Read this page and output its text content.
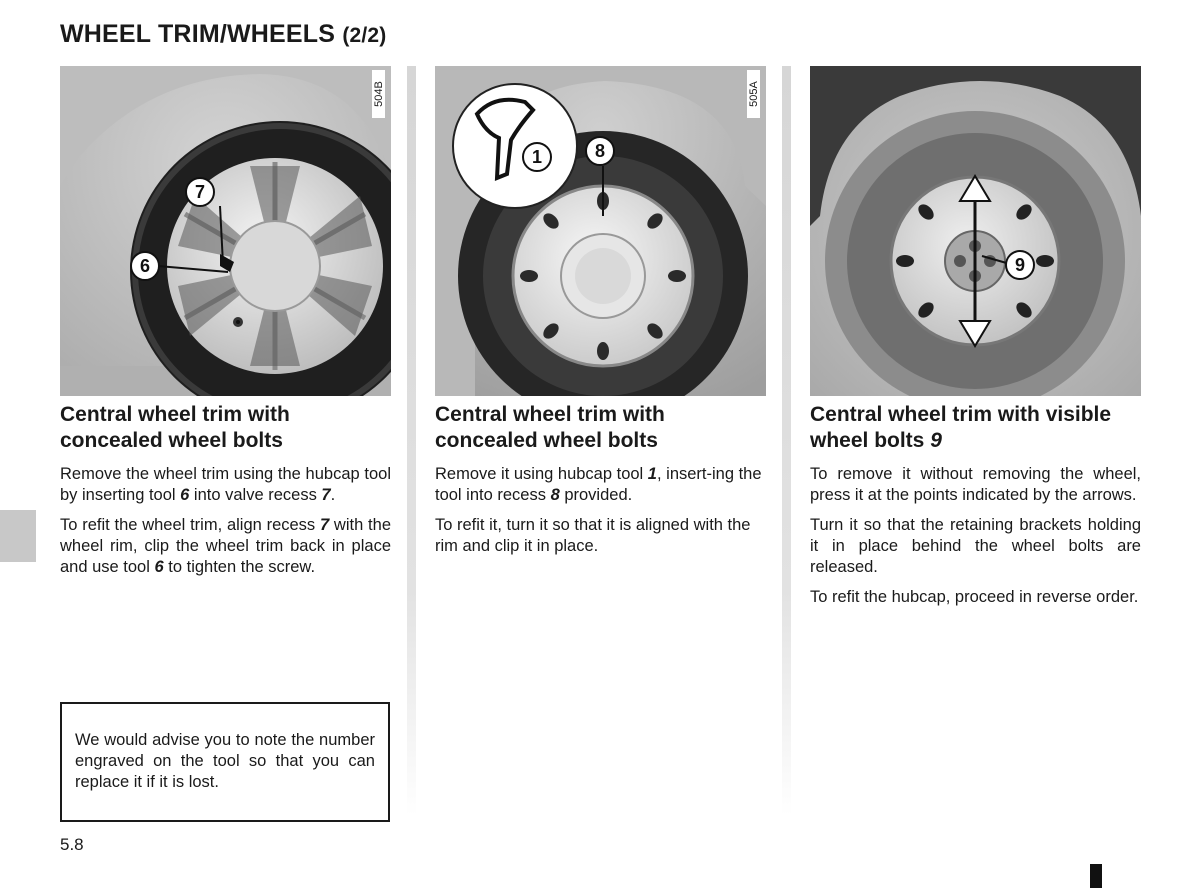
WHEEL TRIM/WHEELS (2/2)
504B
7
6
Central wheel trim with concealed wheel bolts

Remove the wheel trim using the hubcap tool by inserting tool 6 into valve recess 7.

To refit the wheel trim, align recess 7 with the wheel rim, clip the wheel trim back in place and use tool 6 to tighten the screw.

505A
1	8
Central wheel trim with concealed wheel bolts

Remove it using hubcap tool 1, insert-ing the tool into recess 8 provided.

To refit it, turn it so that it is aligned with the rim and clip it in place.

9
Central wheel trim with visible wheel bolts 9

To remove it without removing the wheel, press it at the points indicated by the arrows.

Turn it so that the retaining brackets holding it in place behind the wheel bolts are released.

To refit the hubcap, proceed in reverse order.

We would advise you to note the number engraved on the tool so that you can replace it if it is lost.
5.8
